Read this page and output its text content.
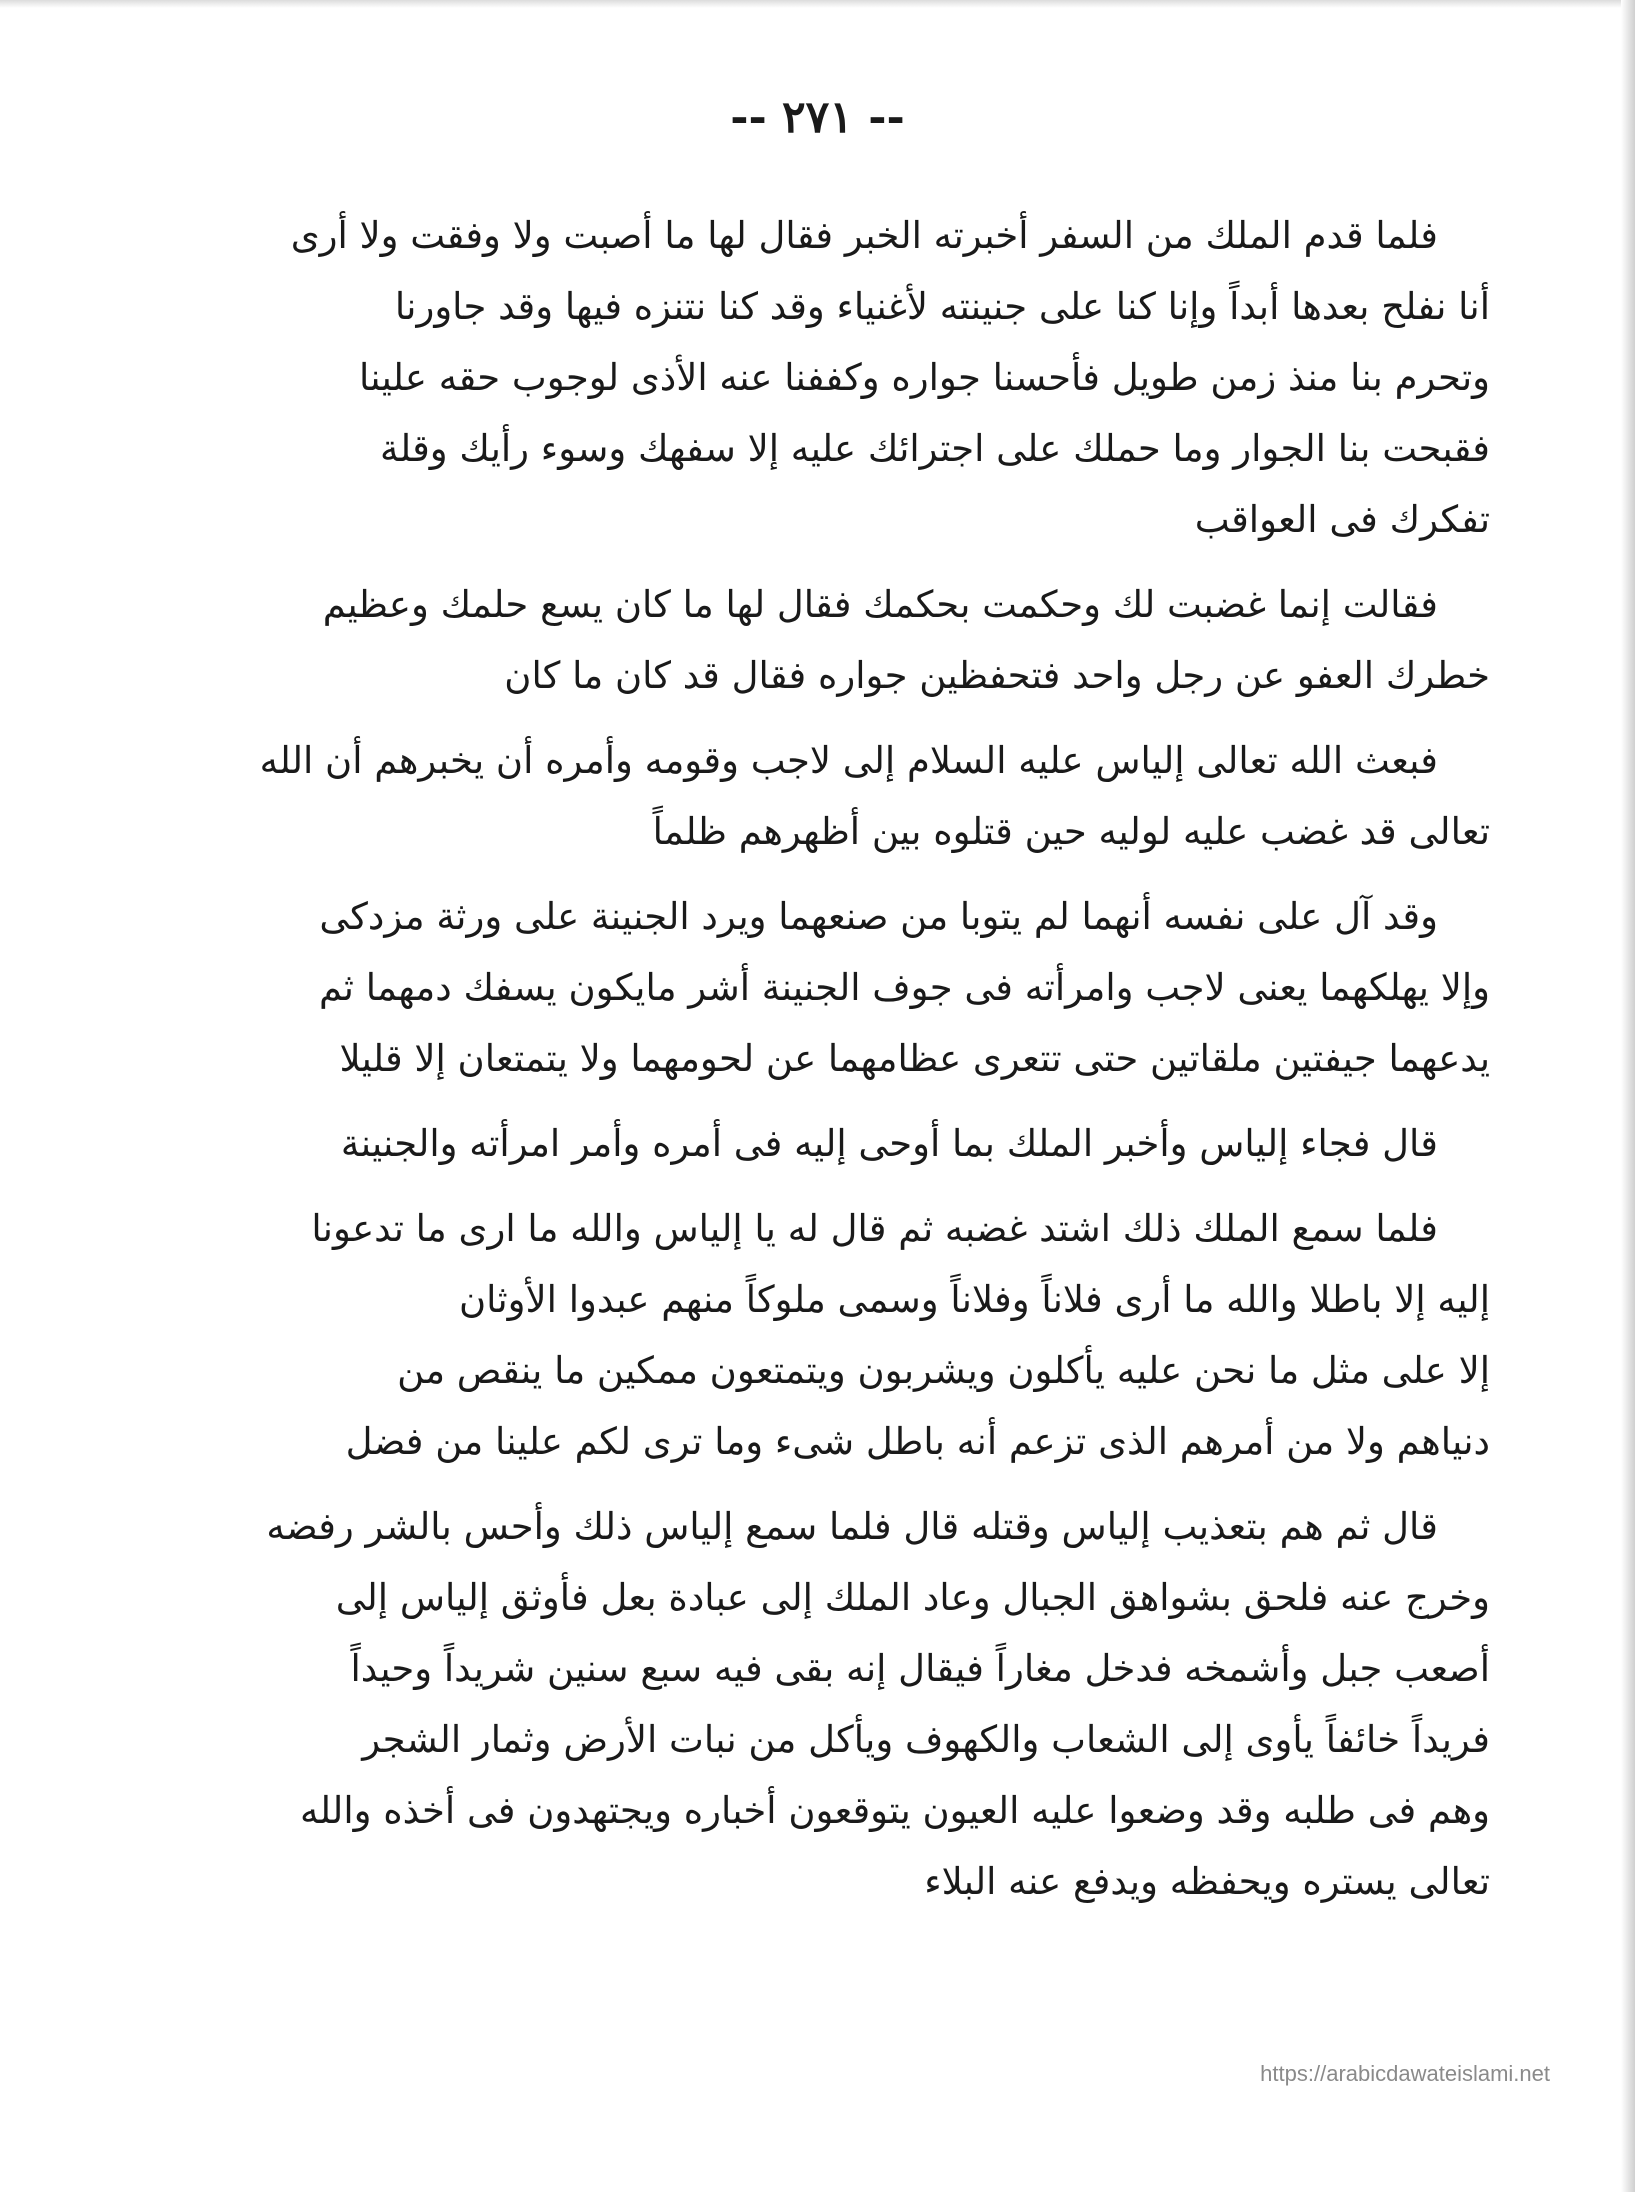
-- ٢٧١ --

فلما قدم الملك من السفر أخبرته الخبر فقال لها ما أصبت ولا وفقت ولا أرى
أنا نفلح بعدها أبداً وإنا كنا على جنينته لأغنياء وقد كنا نتنزه فيها وقد جاورنا
وتحرم بنا منذ زمن طويل فأحسنا جواره وكففنا عنه الأذى لوجوب حقه علينا
فقبحت بنا الجوار وما حملك على اجترائك عليه إلا سفهك وسوء رأيك وقلة
تفكرك فى العواقب

فقالت إنما غضبت لك وحكمت بحكمك فقال لها ما كان يسع حلمك وعظيم
خطرك العفو عن رجل واحد فتحفظين جواره فقال قد كان ما كان

فبعث الله تعالى إلياس عليه السلام إلى لاجب وقومه وأمره أن يخبرهم أن الله
تعالى قد غضب عليه لوليه حين قتلوه بين أظهرهم ظلماً

وقد آل على نفسه أنهما لم يتوبا من صنعهما ويرد الجنينة على ورثة مزدكى
وإلا يهلكهما يعنى لاجب وامرأته فى جوف الجنينة أشر مايكون يسفك دمهما ثم
يدعهما جيفتين ملقاتين حتى تتعرى عظامهما عن لحومهما ولا يتمتعان إلا قليلا

قال فجاء إلياس وأخبر الملك بما أوحى إليه فى أمره وأمر امرأته والجنينة

فلما سمع الملك ذلك اشتد غضبه ثم قال له يا إلياس والله ما ارى ما تدعونا
إليه إلا باطلا والله ما أرى فلاناً وفلاناً وسمى ملوكاً منهم عبدوا الأوثان
إلا على مثل ما نحن عليه يأكلون ويشربون ويتمتعون ممكين ما ينقص من
دنياهم ولا من أمرهم الذى تزعم أنه باطل شىء وما ترى لكم علينا من فضل

قال ثم هم بتعذيب إلياس وقتله قال فلما سمع إلياس ذلك وأحس بالشر رفضه
وخرج عنه فلحق بشواهق الجبال وعاد الملك إلى عبادة بعل فأوثق إلياس إلى
أصعب جبل وأشمخه فدخل مغاراً فيقال إنه بقى فيه سبع سنين شريداً وحيداً
فريداً خائفاً يأوى إلى الشعاب والكهوف ويأكل من نبات الأرض وثمار الشجر
وهم فى طلبه وقد وضعوا عليه العيون يتوقعون أخباره ويجتهدون فى أخذه والله
تعالى يستره ويحفظه ويدفع عنه البلاء

https://arabicdawateislami.net
